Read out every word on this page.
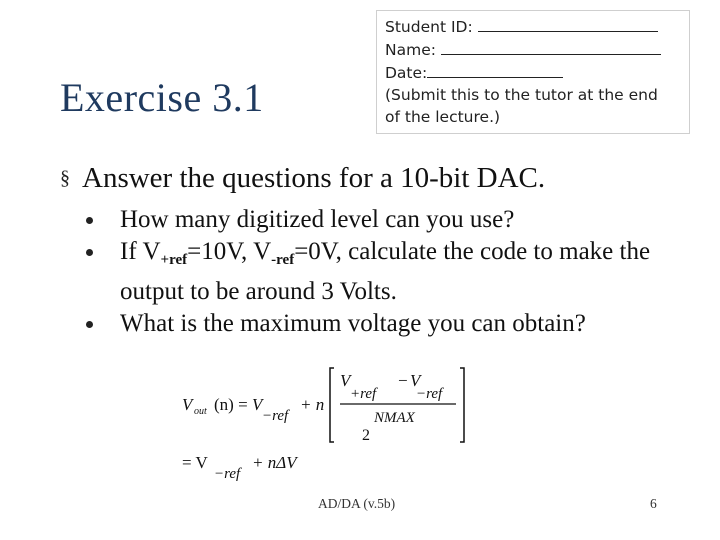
Exercise 3.1
Student ID:
Name:
Date:
(Submit this to the tutor at the end
of the lecture.)
§ Answer the questions for a 10-bit DAC.
How many digitized level can you use?
If $V_{+ref}=10V$, $V_{-ref}=0V$, calculate the code to make the output to be around 3 Volts.
What is the maximum voltage you can obtain?
V out (n) = V
−ref
+ n
V
+ref
− V
−ref
NMAX
2
= V
−ref
+ nΔV
AD/DA (v.5b)	6
